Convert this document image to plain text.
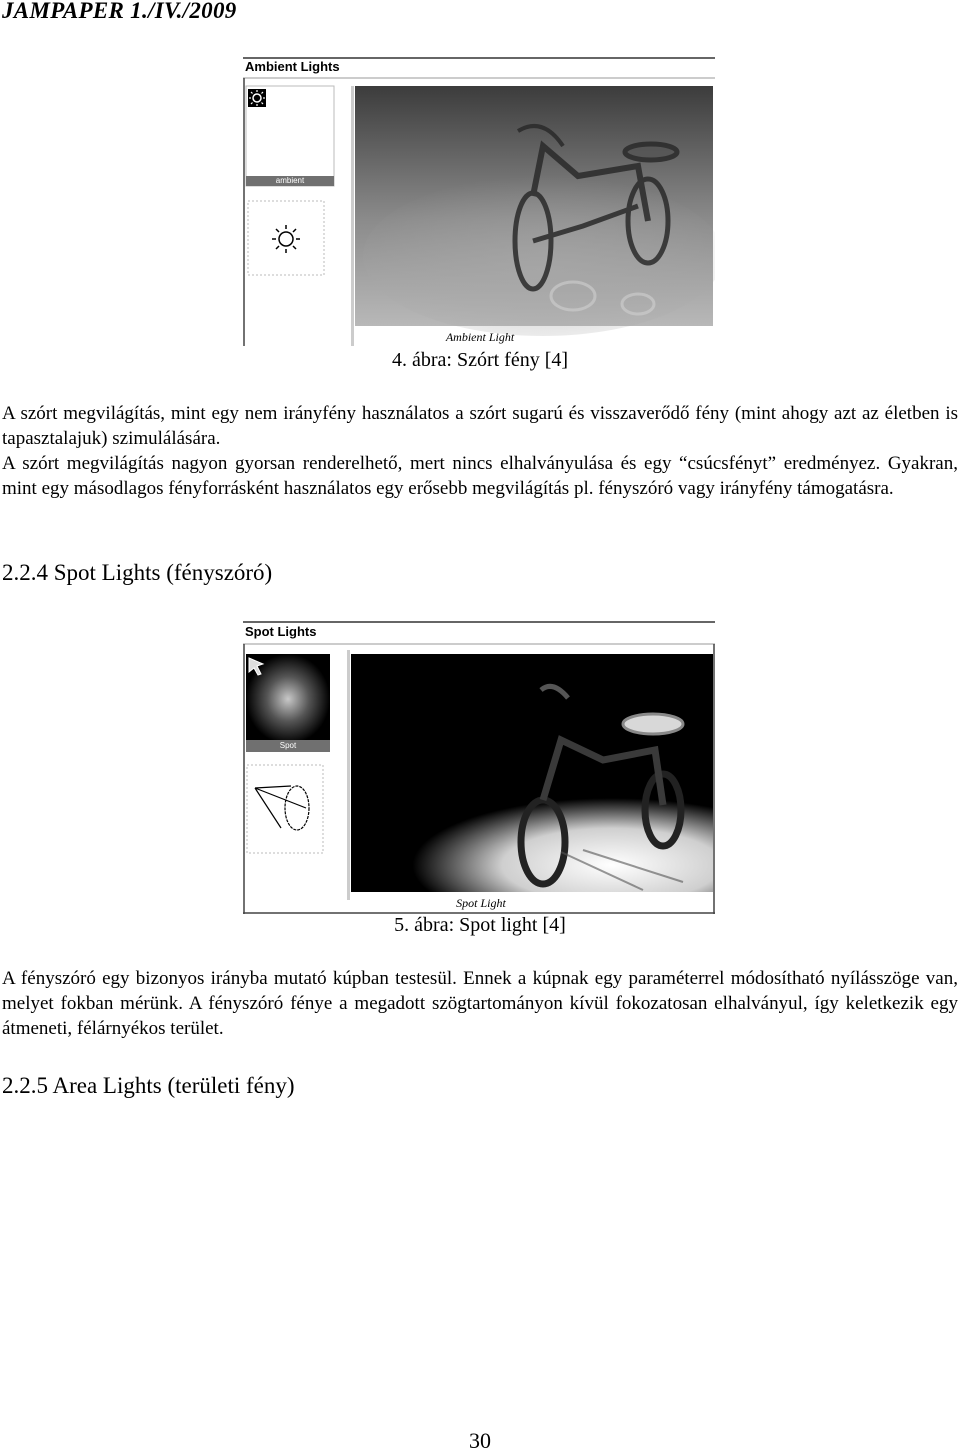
JAMPAPER 1./IV./2009
Ambient Lights
ambient
Ambient Light
4. ábra: Szórt fény [4]

A szórt megvilágítás, mint egy nem irányfény használatos a szórt sugarú és visszaverődő fény (mint ahogy azt az életben is tapasztalajuk) szimulálására.

A szórt megvilágítás nagyon gyorsan renderelhető, mert nincs elhalványulása és egy “csúcsfényt” eredményez. Gyakran, mint egy másodlagos fényforrásként használatos egy erősebb megvilágítás pl. fényszóró vagy irányfény támogatásra.

2.2.4 Spot Lights (fényszóró)
Spot Lights
Spot
Spot Light
5. ábra: Spot light [4]

A fényszóró egy bizonyos irányba mutató kúpban testesül. Ennek a kúpnak egy paraméterrel módosítható nyílásszöge van, melyet fokban mérünk. A fényszóró fénye a megadott szögtartományon kívül fokozatosan elhalványul, így keletkezik egy átmeneti, félárnyékos terület.

2.2.5 Area Lights (területi fény)
30
